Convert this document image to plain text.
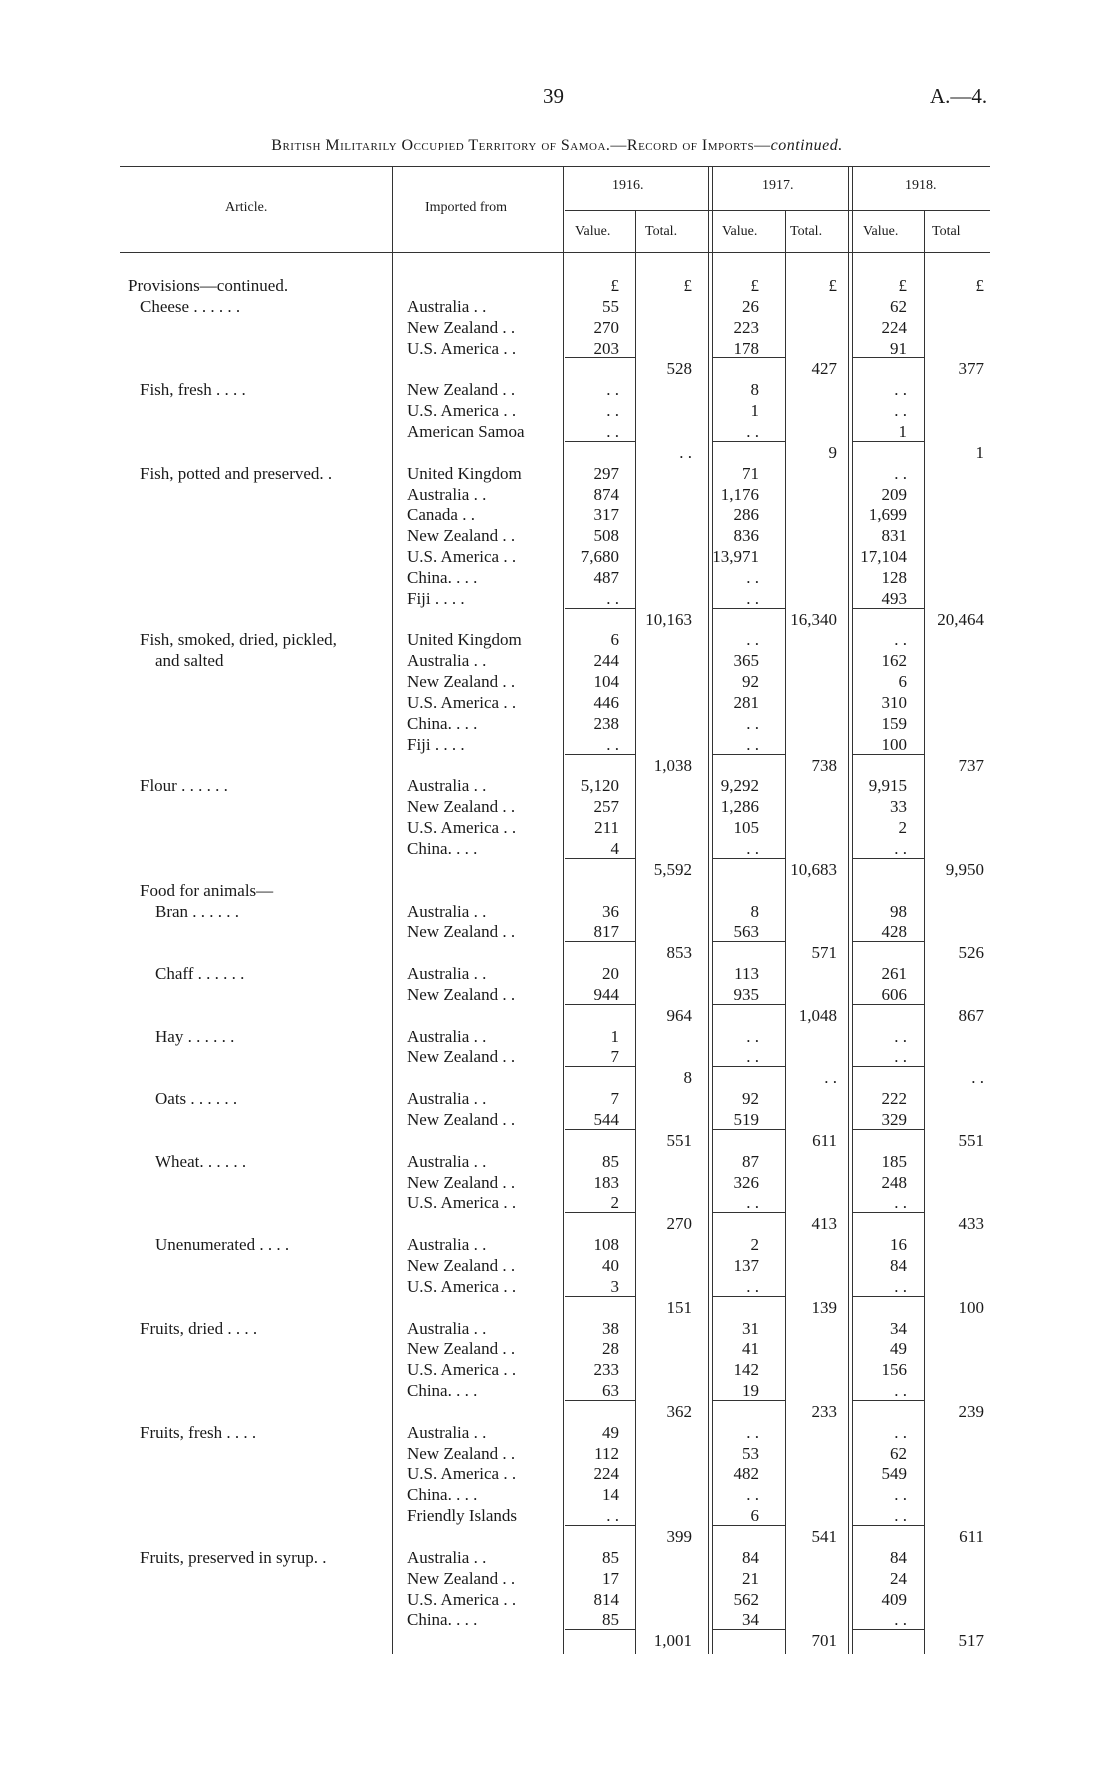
39	A.—4.
British Militarily Occupied Territory of Samoa.—Record of Imports—continued.
Article.	Imported from
1916.	1917.	1918.
Value. Total.	Value. Total.	Value. Total
Provisions—continued.	£	£	£	£	£	£
Cheese . . . . . .	Australia . .	55	26	62
New Zealand . .	270	223	224
U.S. America . .	203	178	91
528	427	377
Fish, fresh . . . .	New Zealand . .	. .	8	. .
U.S. America . .	. .	1	. .
American Samoa	. .	. .	1
. .	9	1
Fish, potted and preserved. .	United Kingdom	297	71	. .
Australia . .	874	1,176	209
Canada . .	317	286	1,699
New Zealand . .	508	836	831
U.S. America . .	7,680	13,971	17,104
China. . . .	487	. .	128
Fiji . . . .	. .	. .	493
10,163	16,340	20,464
Fish, smoked, dried, pickled,	United Kingdom	6	. .	. .
and salted	Australia . .	244	365	162
New Zealand . .	104	92	6
U.S. America . .	446	281	310
China. . . .	238	. .	159
Fiji . . . .	. .	. .	100
1,038	738	737
Flour . . . . . .	Australia . .	5,120	9,292	9,915
New Zealand . .	257	1,286	33
U.S. America . .	211	105	2
China. . . .	4	. .	. .
5,592	10,683	9,950
Food for animals—
Bran . . . . . .	Australia . .	36	8	98
New Zealand . .	817	563	428
853	571	526
Chaff . . . . . .	Australia . .	20	113	261
New Zealand . .	944	935	606
964	1,048	867
Hay . . . . . .	Australia . .	1	. .	. .
New Zealand . .	7	. .	. .
8	. .	. .
Oats . . . . . .	Australia . .	7	92	222
New Zealand . .	544	519	329
551	611	551
Wheat. . . . . .	Australia . .	85	87	185
New Zealand . .	183	326	248
U.S. America . .	2	. .	. .
270	413	433
Unenumerated . . . .	Australia . .	108	2	16
New Zealand . .	40	137	84
U.S. America . .	3	. .	. .
151	139	100
Fruits, dried . . . .	Australia . .	38	31	34
New Zealand . .	28	41	49
U.S. America . .	233	142	156
China. . . .	63	19	. .
362	233	239
Fruits, fresh . . . .	Australia . .	49	. .	. .
New Zealand . .	112	53	62
U.S. America . .	224	482	549
China. . . .	14	. .	. .
Friendly Islands	. .	6	. .
399	541	611
Fruits, preserved in syrup. .	Australia . .	85	84	84
New Zealand . .	17	21	24
U.S. America . .	814	562	409
China. . . .	85	34	. .
1,001	701	517
